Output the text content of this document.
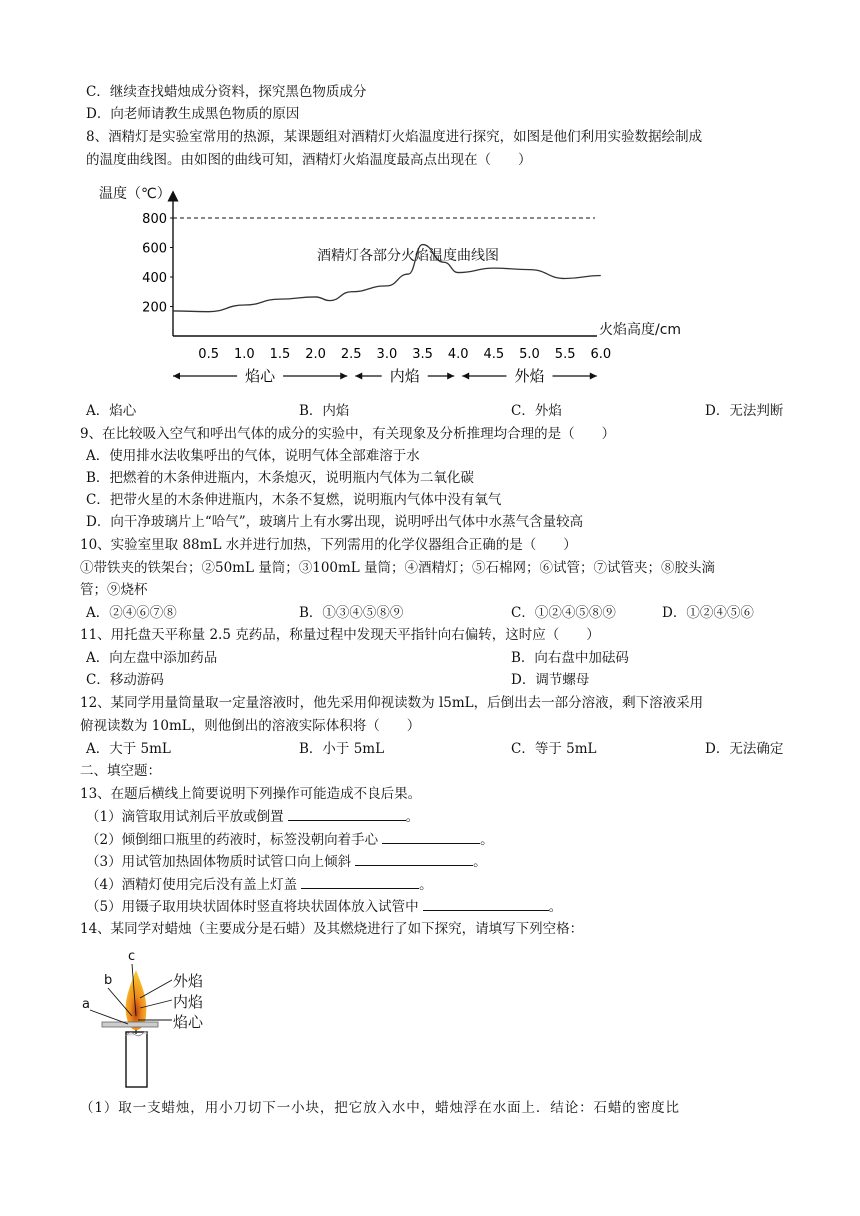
C．继续查找蜡烛成分资料，探究黑色物质成分
D．向老师请教生成黑色物质的原因
8、酒精灯是实验室常用的热源，某课题组对酒精灯火焰温度进行探究，如图是他们利用实验数据绘制成
的温度曲线图。由如图的曲线可知，酒精灯火焰温度最高点出现在（　　）
温度（℃）
火焰高度/cm
200
400
600
800
0.5 1.0 1.5 2.0 2.5 3.0 3.5 4.0 4.5 5.0 5.5 6.0
酒精灯各部分火焰温度曲线图
焰心	内焰	外焰
A．焰心	B．内焰	C．外焰	D．无法判断
9、在比较吸入空气和呼出气体的成分的实验中，有关现象及分析推理均合理的是（　　）
A．使用排水法收集呼出的气体，说明气体全部难溶于水
B．把燃着的木条伸进瓶内，木条熄灭，说明瓶内气体为二氧化碳
C．把带火星的木条伸进瓶内，木条不复燃，说明瓶内气体中没有氧气
D．向干净玻璃片上“哈气”，玻璃片上有水雾出现，说明呼出气体中水蒸气含量较高
10、实验室里取 88mL 水并进行加热，下列需用的化学仪器组合正确的是（　　）
①带铁夹的铁架台；②50mL 量筒；③100mL 量筒；④酒精灯；⑤石棉网；⑥试管；⑦试管夹；⑧胶头滴
管；⑨烧杯
A．②④⑥⑦⑧	B．①③④⑤⑧⑨	C．①②④⑤⑧⑨	D．①②④⑤⑥
11、用托盘天平称量 2.5 克药品，称量过程中发现天平指针向右偏转，这时应（　　）
A．向左盘中添加药品	B．向右盘中加砝码
C．移动游码	D．调节螺母
12、某同学用量筒量取一定量溶液时，他先采用仰视读数为 l5mL，后倒出去一部分溶液，剩下溶液采用
俯视读数为 10mL，则他倒出的溶液实际体积将（　　）
A．大于 5mL	B．小于 5mL	C．等于 5mL	D．无法确定
二、填空题：
13、在题后横线上简要说明下列操作可能造成不良后果。
（1）滴管取用试剂后平放或倒置	。
（2）倾倒细口瓶里的药液时，标签没朝向着手心	。
（3）用试管加热固体物质时试管口向上倾斜	。
（4）酒精灯使用完后没有盖上灯盖	。
（5）用镊子取用块状固体时竖直将块状固体放入试管中	。
14、某同学对蜡烛（主要成分是石蜡）及其燃烧进行了如下探究，请填写下列空格：
a
b
c
外焰
内焰
焰心
（1）取一支蜡烛，用小刀切下一小块，把它放入水中，蜡烛浮在水面上．结论：石蜡的密度比
